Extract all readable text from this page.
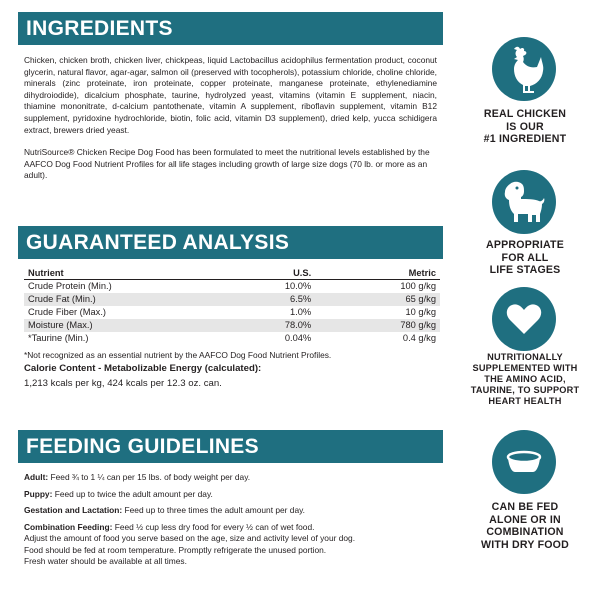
INGREDIENTS

Chicken, chicken broth, chicken liver, chickpeas, liquid Lactobacillus acidophilus fermentation product, coconut glycerin, natural flavor, agar-agar, salmon oil (preserved with tocopherols), potassium chloride, choline chloride, minerals (zinc proteinate, iron proteinate, copper proteinate, manganese proteinate, ethylenediamine dihydroiodide), dicalcium phosphate, taurine, hydrolyzed yeast, vitamins (vitamin E supplement, niacin, thiamine mononitrate, d-calcium pantothenate, vitamin A supplement, riboflavin supplement, vitamin B12 supplement, pyridoxine hydrochloride, biotin, folic acid, vitamin D3 supplement), dried kelp, yucca schidigera extract, brewers dried yeast.

NutriSource® Chicken Recipe Dog Food has been formulated to meet the nutritional levels established by the AAFCO Dog Food Nutrient Profiles for all life stages including growth of large size dogs (70 lb. or more as an adult).

GUARANTEED ANALYSIS
Nutrient	U.S.	Metric
Crude Protein (Min.)	10.0%	100 g/kg
Crude Fat (Min.)	6.5%	65 g/kg
Crude Fiber (Max.)	1.0%	10 g/kg
Moisture (Max.)	78.0%	780 g/kg
*Taurine (Min.)	0.04%	0.4 g/kg

*Not recognized as an essential nutrient by the AAFCO Dog Food Nutrient Profiles.

Calorie Content - Metabolizable Energy (calculated):

1,213 kcals per kg, 424 kcals per 12.3 oz. can.

FEEDING GUIDELINES

Adult: Feed ¾ to 1 ¼ can per 15 lbs. of body weight per day.

Puppy: Feed up to twice the adult amount per day.

Gestation and Lactation: Feed up to three times the adult amount per day.

Combination Feeding: Feed ½ cup less dry food for every ½ can of wet food.

Adjust the amount of food you serve based on the age, size and activity level of your dog.

Food should be fed at room temperature. Promptly refrigerate the unused portion.

Fresh water should be available at all times.

REAL CHICKEN
IS OUR
#1 INGREDIENT
APPROPRIATE
FOR ALL
LIFE STAGES
NUTRITIONALLY
SUPPLEMENTED WITH
THE AMINO ACID,
TAURINE, TO SUPPORT
HEART HEALTH
CAN BE FED
ALONE OR IN
COMBINATION
WITH DRY FOOD
